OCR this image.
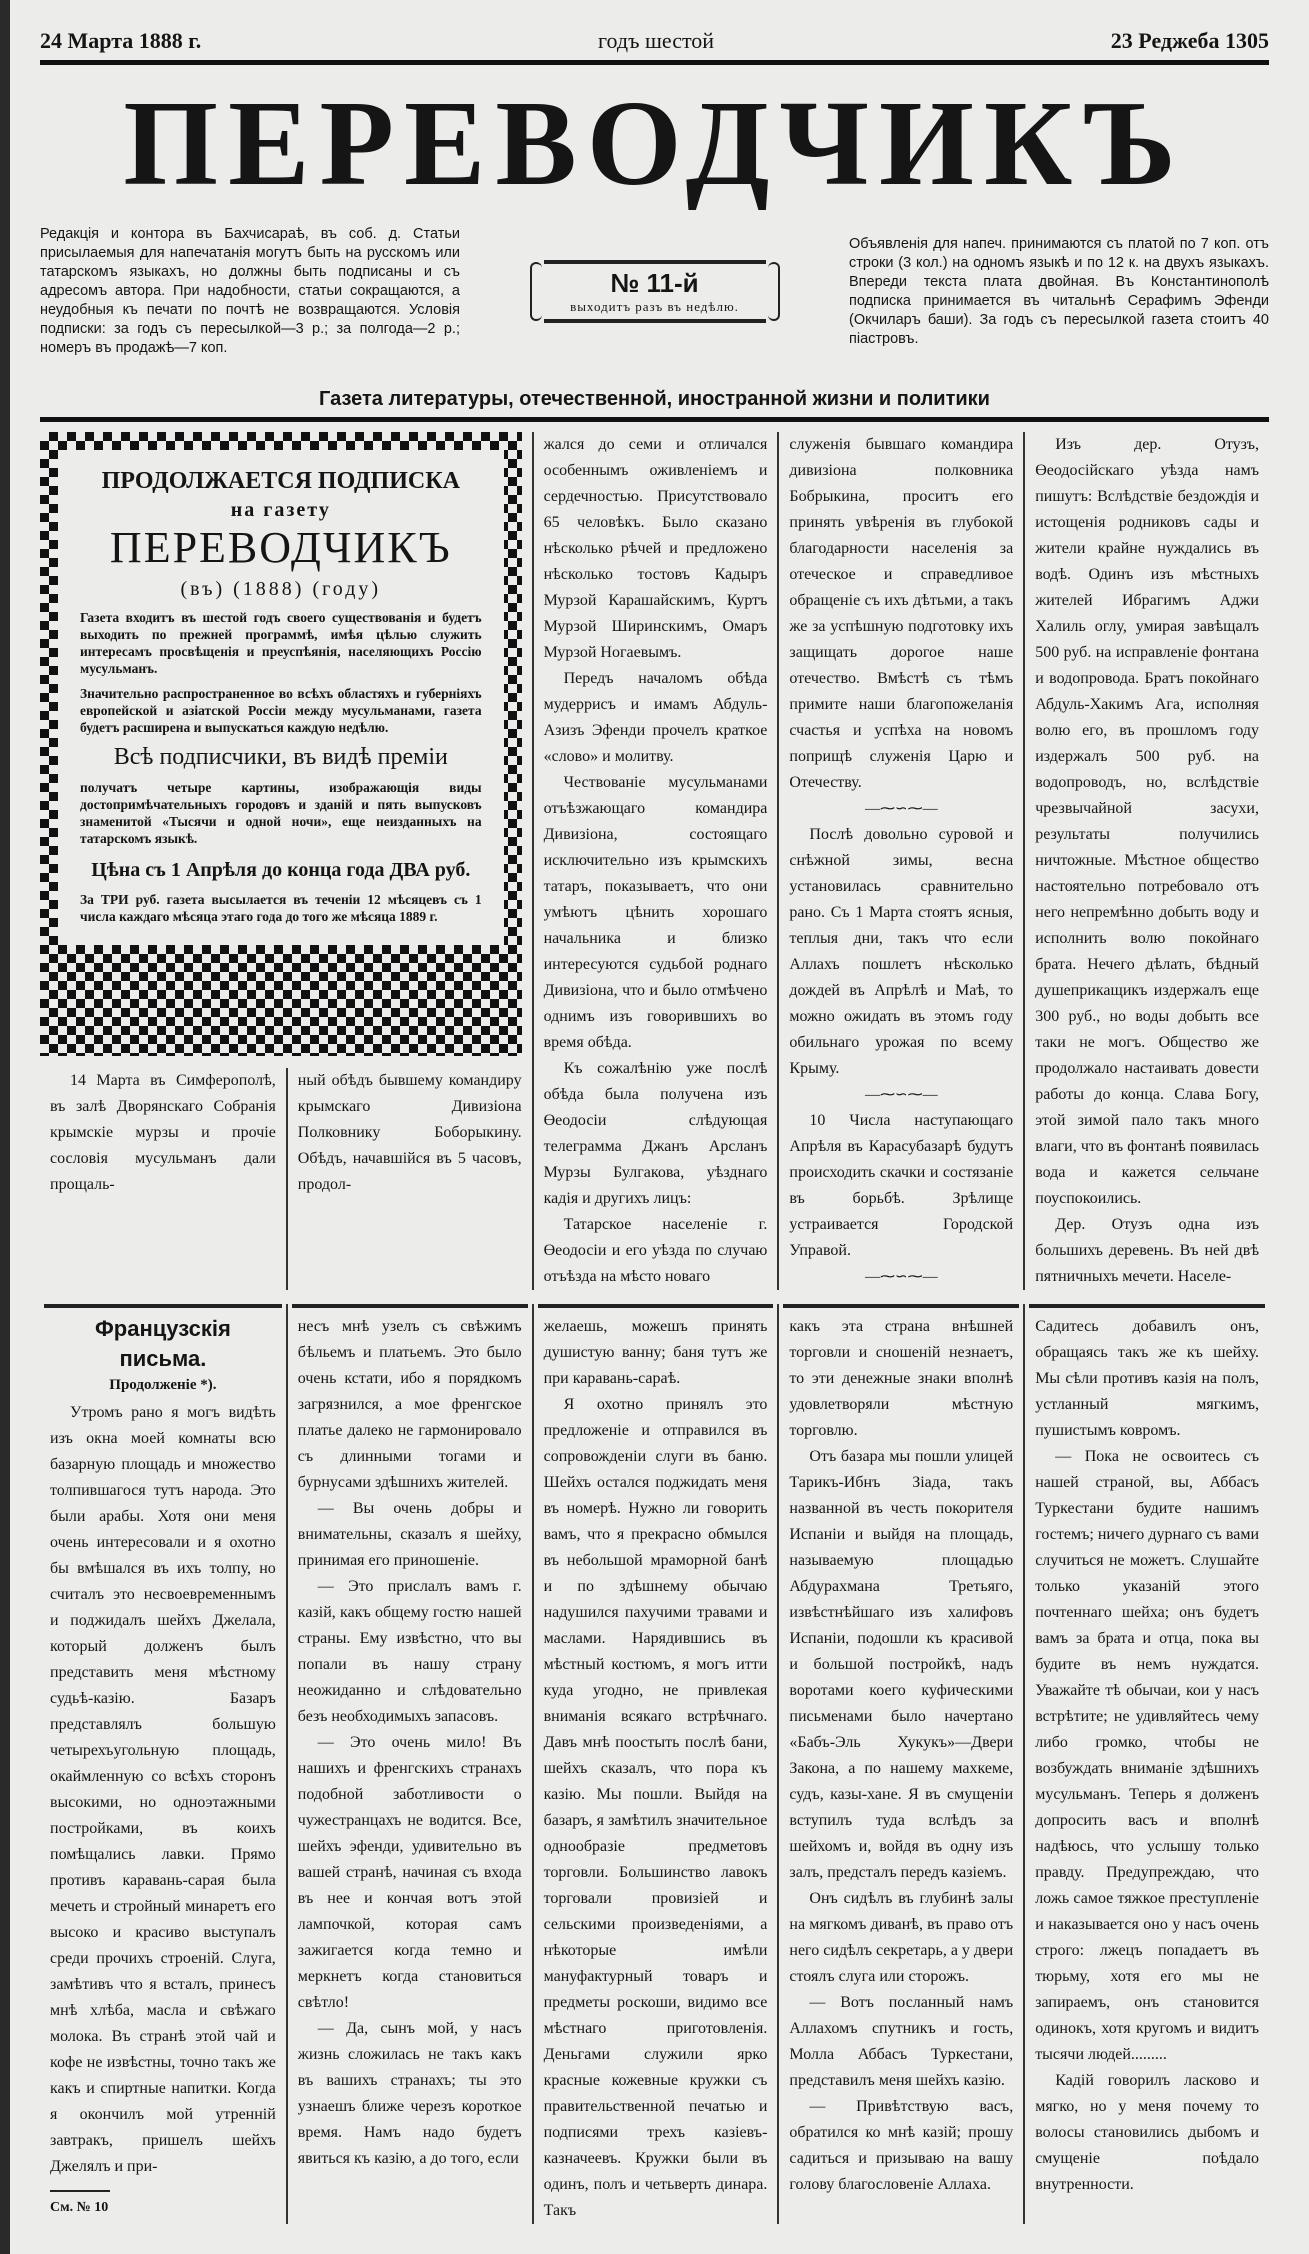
24 Марта 1888 г.	годъ шестой	23 Реджеба 1305
ПЕРЕВОДЧИКЪ
Редакція и контора въ Бахчисараѣ, въ соб. д. Статьи присылаемыя для напечатанія могутъ быть на русскомъ или татарскомъ языкахъ, но должны быть подписаны и съ адресомъ автора. При надобности, статьи сокращаются, а неудобныя къ печати по почтѣ не возвращаются. Условія подписки: за годъ съ пересылкой—3 р.; за полгода—2 р.; номеръ въ продажѣ—7 коп.
№ 11-й
выходитъ разъ въ недѣлю.
Объявленія для напеч. принимаются съ платой по 7 коп. отъ строки (3 кол.) на одномъ языкѣ и по 12 к. на двухъ языкахъ. Впереди текста плата двойная. Въ Константинополѣ подписка принимается въ читальнѣ Серафимъ Эфенди (Окчиларъ баши). За годъ съ пересылкой газета стоитъ 40 піастровъ.
Газета литературы, отечественной, иностранной жизни и политики
ПРОДОЛЖАЕТСЯ ПОДПИСКА
на газету
ПЕРЕВОДЧИКЪ
(въ) (1888) (году)
Газета входитъ въ шестой годъ своего существованія и будетъ выходить по прежней программѣ, имѣя цѣлью служить интересамъ просвѣщенія и преуспѣянія, населяющихъ Россію мусульманъ.
Значительно распространенное во всѣхъ областяхъ и губерніяхъ европейской и азіатской Россіи между мусульманами, газета будетъ расширена и выпускаться каждую недѣлю.
Всѣ подписчики, въ видѣ преміи
получатъ четыре картины, изображающія виды достопримѣчательныхъ городовъ и зданій и пять выпусковъ знаменитой «Тысячи и одной ночи», еще неизданныхъ на татарскомъ языкѣ.
Цѣна съ 1 Апрѣля до конца года ДВА руб.
За ТРИ руб. газета высылается въ теченіи 12 мѣсяцевъ съ 1 числа каждаго мѣсяца этаго года до того же мѣсяца 1889 г.

14 Марта въ Симферополѣ, въ залѣ Дворянскаго Собранія крымскіе мурзы и прочіе сословія мусульманъ дали прощаль-

ный обѣдъ бывшему командиру крымскаго Дивизіона Полковнику Боборыкину. Обѣдъ, начавшійся въ 5 часовъ, продол-

жался до семи и отличался особеннымъ оживленіемъ и сердечностью. Присутствовало 65 человѣкъ. Было сказано нѣсколько рѣчей и предложено нѣсколько тостовъ Кадыръ Мурзой Карашайскимъ, Куртъ Мурзой Ширинскимъ, Омаръ Мурзой Ногаевымъ.

Передъ началомъ обѣда мудеррисъ и имамъ Абдуль-Азизъ Эфенди прочелъ краткое «слово» и молитву.

Чествованіе мусульманами отъѣзжающаго командира Дивизіона, состоящаго исключительно изъ крымскихъ татаръ, показываетъ, что они умѣютъ цѣнить хорошаго начальника и близко интересуются судьбой роднаго Дивизіона, что и было отмѣчено однимъ изъ говорившихъ во время обѣда.

Къ сожалѣнію уже послѣ обѣда была получена изъ Өеодосіи слѣдующая телеграмма Джанъ Арсланъ Мурзы Булгакова, уѣзднаго кадія и другихъ лицъ:

Татарское населеніе г. Өеодосіи и его уѣзда по случаю отъѣзда на мѣсто новаго

служенія бывшаго командира дивизіона полковника Бобрыкина, проситъ его принять увѣренія въ глубокой благодарности населенія за отеческое и справедливое обращеніе съ ихъ дѣтьми, а такъ же за успѣшную подготовку ихъ защищать дорогое наше отечество. Вмѣстѣ съ тѣмъ примите наши благопожеланія счастья и успѣха на новомъ поприщѣ служенія Царю и Отечеству.

—⁓∽⁓—

Послѣ довольно суровой и снѣжной зимы, весна установилась сравнительно рано. Съ 1 Марта стоятъ ясныя, теплыя дни, такъ что если Аллахъ пошлетъ нѣсколько дождей въ Апрѣлѣ и Маѣ, то можно ожидать въ этомъ году обильнаго урожая по всему Крыму.

—⁓∽⁓—

10 Числа наступающаго Апрѣля въ Карасубазарѣ будутъ происходить скачки и состязаніе въ борьбѣ. Зрѣлище устраивается Городской Управой.

—⁓∽⁓—

Изъ дер. Отузъ, Өеодосійскаго уѣзда намъ пишутъ: Вслѣдствіе бездождія и истощенія родниковъ сады и жители крайне нуждались въ водѣ. Одинъ изъ мѣстныхъ жителей Ибрагимъ Аджи Халиль оглу, умирая завѣщалъ 500 руб. на исправленіе фонтана и водопровода. Братъ покойнаго Абдуль-Хакимъ Ага, исполняя волю его, въ прошломъ году издержалъ 500 руб. на водопроводъ, но, вслѣдствіе чрезвычайной засухи, результаты получились ничтожные. Мѣстное общество настоятельно потребовало отъ него непремѣнно добыть воду и исполнить волю покойнаго брата. Нечего дѣлать, бѣдный душеприкащикъ издержалъ еще 300 руб., но воды добыть все таки не могъ. Общество же продолжало настаивать довести работы до конца. Слава Богу, этой зимой пало такъ много влаги, что въ фонтанѣ появилась вода и кажется сельчане поуспокоились.

Дер. Отузъ одна изъ большихъ деревень. Въ ней двѣ пятничныхъ мечети. Населе-

Французскія письма.
Продолженіе *).

Утромъ рано я могъ видѣть изъ окна моей комнаты всю базарную площадь и множество толпившагося тутъ народа. Это были арабы. Хотя они меня очень интересовали и я охотно бы вмѣшался въ ихъ толпу, но считалъ это несвоевременнымъ и поджидалъ шейхъ Джелала, который долженъ былъ представить меня мѣстному судьѣ-казію. Базаръ представлялъ большую четырехъугольную площадь, окаймленную со всѣхъ сторонъ высокими, но одноэтажными постройками, въ коихъ помѣщались лавки. Прямо противъ каравань-сарая была мечеть и стройный минаретъ его высоко и красиво выступалъ среди прочихъ строеній. Слуга, замѣтивъ что я всталъ, принесъ мнѣ хлѣба, масла и свѣжаго молока. Въ странѣ этой чай и кофе не извѣстны, точно такъ же какъ и спиртные напитки. Когда я окончилъ мой утренній завтракъ, пришелъ шейхъ Джелялъ и при-

См. № 10

несъ мнѣ узелъ съ свѣжимъ бѣльемъ и платьемъ. Это было очень кстати, ибо я порядкомъ загрязнился, а мое френгское платье далеко не гармонировало съ длинными тогами и бурнусами здѣшнихъ жителей.

— Вы очень добры и внимательны, сказалъ я шейху, принимая его приношеніе.

— Это прислалъ вамъ г. казій, какъ общему гостю нашей страны. Ему извѣстно, что вы попали въ нашу страну неожиданно и слѣдовательно безъ необходимыхъ запасовъ.

— Это очень мило! Въ нашихъ и френгскихъ странахъ подобной заботливости о чужестранцахъ не водится. Все, шейхъ эфенди, удивительно въ вашей странѣ, начиная съ входа въ нее и кончая вотъ этой лампочкой, которая самъ зажигается когда темно и меркнетъ когда становиться свѣтло!

— Да, сынъ мой, у насъ жизнь сложилась не такъ какъ въ вашихъ странахъ; ты это узнаешъ ближе черезъ короткое время. Намъ надо будетъ явиться къ казію, а до того, если

желаешь, можешъ принять душистую ванну; баня тутъ же при каравань-сараѣ.

Я охотно принялъ это предложеніе и отправился въ сопровожденіи слуги въ баню. Шейхъ остался поджидать меня въ номерѣ. Нужно ли говорить вамъ, что я прекрасно обмылся въ небольшой мраморной банѣ и по здѣшнему обычаю надушился пахучими травами и маслами. Нарядившись въ мѣстный костюмъ, я могъ итти куда угодно, не привлекая вниманія всякаго встрѣчнаго. Давъ мнѣ поостыть послѣ бани, шейхъ сказалъ, что пора къ казію. Мы пошли. Выйдя на базаръ, я замѣтилъ значительное однообразіе предметовъ торговли. Большинство лавокъ торговали провизіей и сельскими произведеніями, а нѣкоторые имѣли мануфактурный товаръ и предметы роскоши, видимо все мѣстнаго приготовленія. Деньгами служили ярко красные кожевные кружки съ правительственной печатью и подписями трехъ казіевъ-казначеевъ. Кружки были въ одинъ, полъ и четьверть динара. Такъ

какъ эта страна внѣшней торговли и сношеній незнаетъ, то эти денежные знаки вполнѣ удовлетворяли мѣстную торговлю.

Отъ базара мы пошли улицей Тарикъ-Ибнъ Зіада, такъ названной въ честь покорителя Испаніи и выйдя на площадь, называемую площадью Абдурахмана Третьяго, извѣстнѣйшаго изъ халифовъ Испаніи, подошли къ красивой и большой постройкѣ, надъ воротами коего куфическими письменами было начертано «Бабъ-Эль Хукукъ»—Двери Закона, а по нашему махкеме, судъ, казы-хане. Я въ смущеніи вступилъ туда вслѣдъ за шейхомъ и, войдя въ одну изъ залъ, предсталъ передъ казіемъ.

Онъ сидѣлъ въ глубинѣ залы на мягкомъ диванѣ, въ право отъ него сидѣлъ секретарь, а у двери стоялъ слуга или сторожъ.

— Вотъ посланный намъ Аллахомъ спутникъ и гость, Молла Аббасъ Туркестани, представилъ меня шейхъ казію.

— Привѣтствую васъ, обратился ко мнѣ казій; прошу садиться и призываю на вашу голову благословеніе Аллаха.

Садитесь добавилъ онъ, обращаясь такъ же къ шейху. Мы сѣли противъ казія на полъ, устланный мягкимъ, пушистымъ ковромъ.

— Пока не освоитесь съ нашей страной, вы, Аббасъ Туркестани будите нашимъ гостемъ; ничего дурнаго съ вами случиться не можетъ. Слушайте только указаній этого почтеннаго шейха; онъ будетъ вамъ за брата и отца, пока вы будите въ немъ нуждатся. Уважайте тѣ обычаи, кои у насъ встрѣтите; не удивляйтесь чему либо громко, чтобы не возбуждать вниманіе здѣшнихъ мусульманъ. Теперь я долженъ допросить васъ и вполнѣ надѣюсь, что услышу только правду. Предупреждаю, что ложь самое тяжкое преступленіе и наказывается оно у насъ очень строго: лжецъ попадаетъ въ тюрьму, хотя его мы не запираемъ, онъ становится одинокъ, хотя кругомъ и видитъ тысячи людей.........

Кадій говорилъ ласково и мягко, но у меня почему то волосы становились дыбомъ и смущеніе поѣдало внутренности.
